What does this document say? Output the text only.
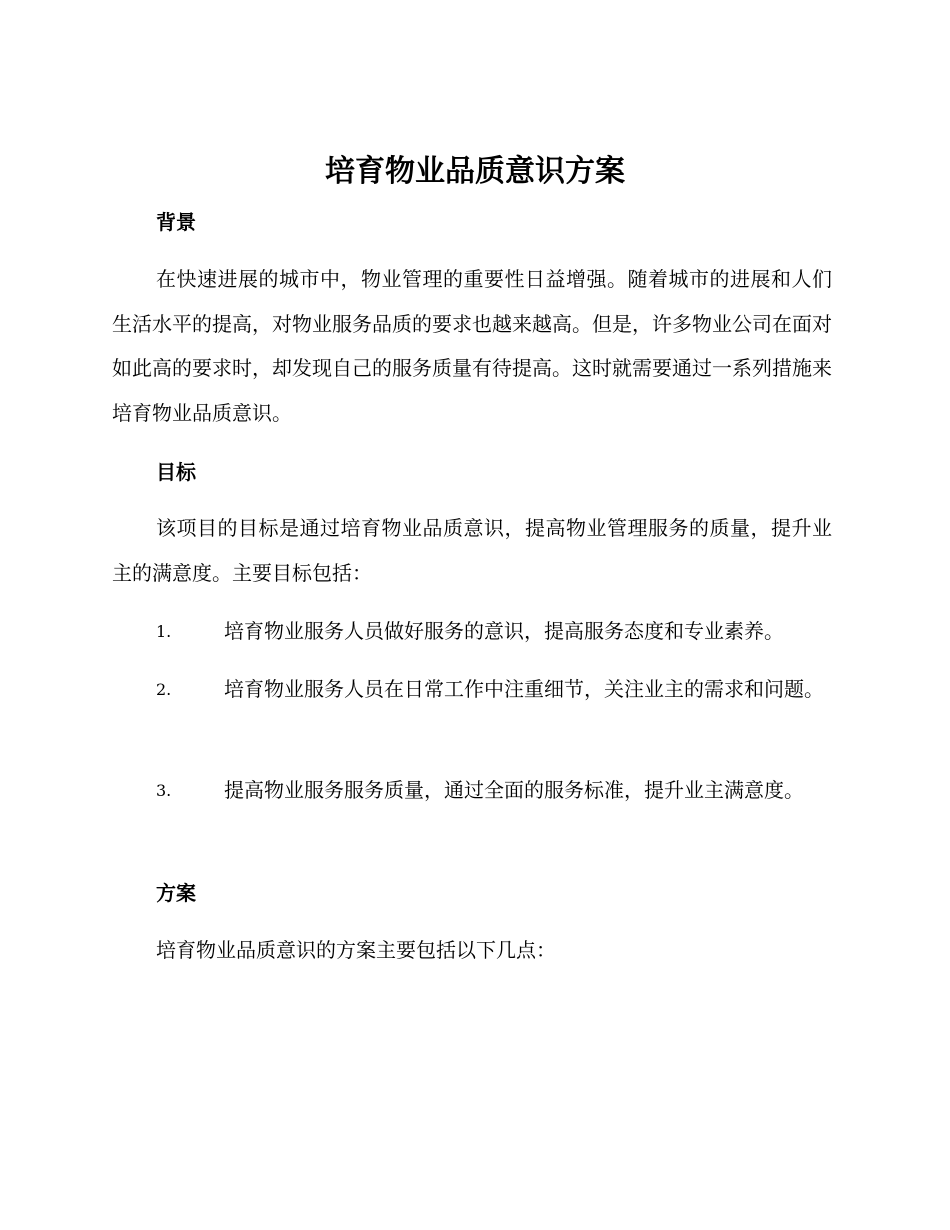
培育物业品质意识方案
背景

在快速进展的城市中，物业管理的重要性日益增强。随着城市的进展和人们生活水平的提高，对物业服务品质的要求也越来越高。但是，许多物业公司在面对如此高的要求时，却发现自己的服务质量有待提高。这时就需要通过一系列措施来培育物业品质意识。

目标

该项目的目标是通过培育物业品质意识，提高物业管理服务的质量，提升业主的满意度。主要目标包括：

1.	培育物业服务人员做好服务的意识，提高服务态度和专业素养。
2.	培育物业服务人员在日常工作中注重细节，关注业主的需求和问题。
3.	提高物业服务服务质量，通过全面的服务标准，提升业主满意度。
方案

培育物业品质意识的方案主要包括以下几点：
